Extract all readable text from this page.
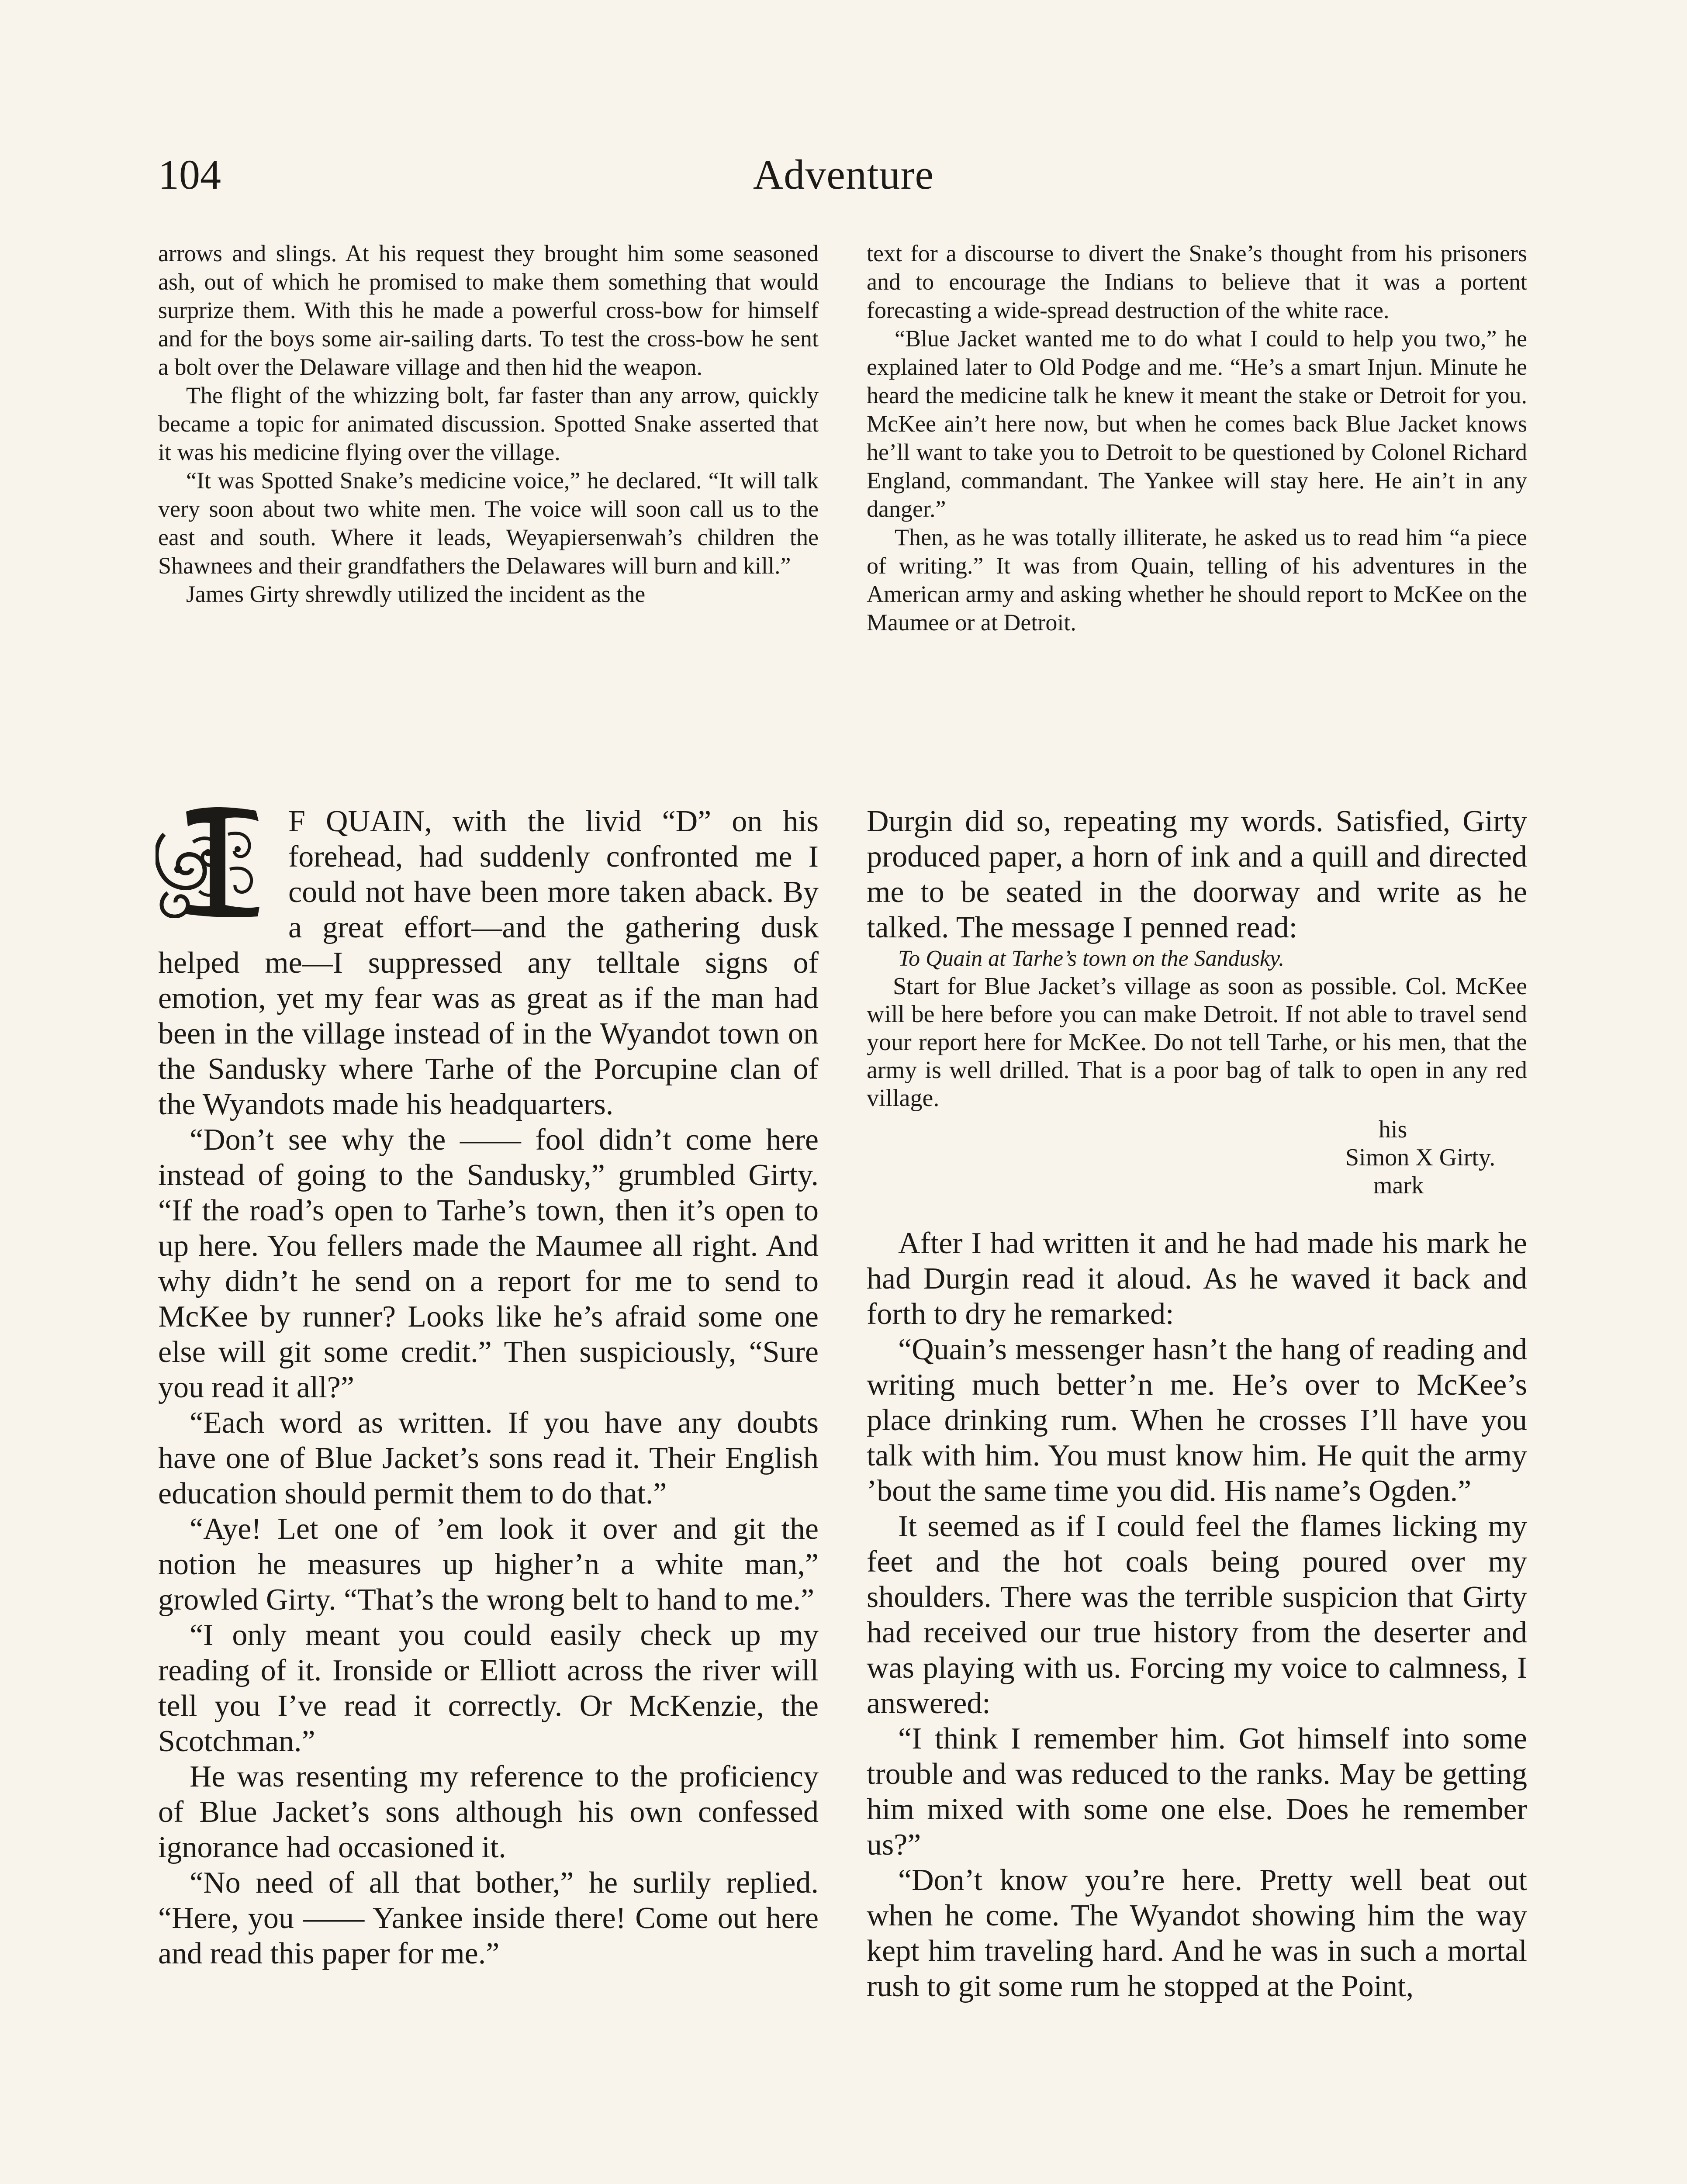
Adventure
104

arrows and slings. At his request they brought him some seasoned ash, out of which he promised to make them something that would surprize them. With this he made a powerful cross-bow for himself and for the boys some air-sailing darts. To test the cross-bow he sent a bolt over the Delaware village and then hid the weapon.

The flight of the whizzing bolt, far faster than any arrow, quickly became a topic for animated discussion. Spotted Snake asserted that it was his medicine flying over the village.

“It was Spotted Snake’s medicine voice,” he declared. “It will talk very soon about two white men. The voice will soon call us to the east and south. Where it leads, Weyapiersenwah’s children the Shawnees and their grandfathers the Delawares will burn and kill.”

James Girty shrewdly utilized the incident as the

text for a discourse to divert the Snake’s thought from his prisoners and to encourage the Indians to believe that it was a portent forecasting a wide-spread destruction of the white race.

“Blue Jacket wanted me to do what I could to help you two,” he explained later to Old Podge and me. “He’s a smart Injun. Minute he heard the medicine talk he knew it meant the stake or Detroit for you. McKee ain’t here now, but when he comes back Blue Jacket knows he’ll want to take you to Detroit to be questioned by Colonel Richard England, commandant. The Yankee will stay here. He ain’t in any danger.”

Then, as he was totally illiterate, he asked us to read him “a piece of writing.” It was from Quain, telling of his adventures in the American army and asking whether he should report to McKee on the Maumee or at Detroit.

F QUAIN, with the livid “D” on his forehead, had suddenly confronted me I could not have been more taken aback. By a great effort—and the gathering dusk helped me—I suppressed any telltale signs of emotion, yet my fear was as great as if the man had been in the village instead of in the Wyandot town on the Sandusky where Tarhe of the Porcupine clan of the Wyandots made his headquarters.

“Don’t see why the —— fool didn’t come here instead of going to the Sandusky,” grumbled Girty. “If the road’s open to Tarhe’s town, then it’s open to up here. You fellers made the Maumee all right. And why didn’t he send on a report for me to send to McKee by runner? Looks like he’s afraid some one else will git some credit.” Then suspiciously, “Sure you read it all?”

“Each word as written. If you have any doubts have one of Blue Jacket’s sons read it. Their English education should permit them to do that.”

“Aye! Let one of ’em look it over and git the notion he measures up higher’n a white man,” growled Girty. “That’s the wrong belt to hand to me.”

“I only meant you could easily check up my reading of it. Ironside or Elliott across the river will tell you I’ve read it correctly. Or McKenzie, the Scotchman.”

He was resenting my reference to the proficiency of Blue Jacket’s sons although his own confessed ignorance had occasioned it.

“No need of all that bother,” he surlily replied. “Here, you —— Yankee inside there! Come out here and read this paper for me.”

Durgin did so, repeating my words. Satisfied, Girty produced paper, a horn of ink and a quill and directed me to be seated in the doorway and write as he talked. The message I penned read:

To Quain at Tarhe’s town on the Sandusky.

Start for Blue Jacket’s village as soon as possible. Col. McKee will be here before you can make Detroit. If not able to travel send your report here for McKee. Do not tell Tarhe, or his men, that the army is well drilled. That is a poor bag of talk to open in any red village.

his
Simon X Girty.
mark

After I had written it and he had made his mark he had Durgin read it aloud. As he waved it back and forth to dry he remarked:

“Quain’s messenger hasn’t the hang of reading and writing much better’n me. He’s over to McKee’s place drinking rum. When he crosses I’ll have you talk with him. You must know him. He quit the army ’bout the same time you did. His name’s Ogden.”

It seemed as if I could feel the flames licking my feet and the hot coals being poured over my shoulders. There was the terrible suspicion that Girty had received our true history from the deserter and was playing with us. Forcing my voice to calmness, I answered:

“I think I remember him. Got himself into some trouble and was reduced to the ranks. May be getting him mixed with some one else. Does he remember us?”

“Don’t know you’re here. Pretty well beat out when he come. The Wyandot showing him the way kept him traveling hard. And he was in such a mortal rush to git some rum he stopped at the Point,
